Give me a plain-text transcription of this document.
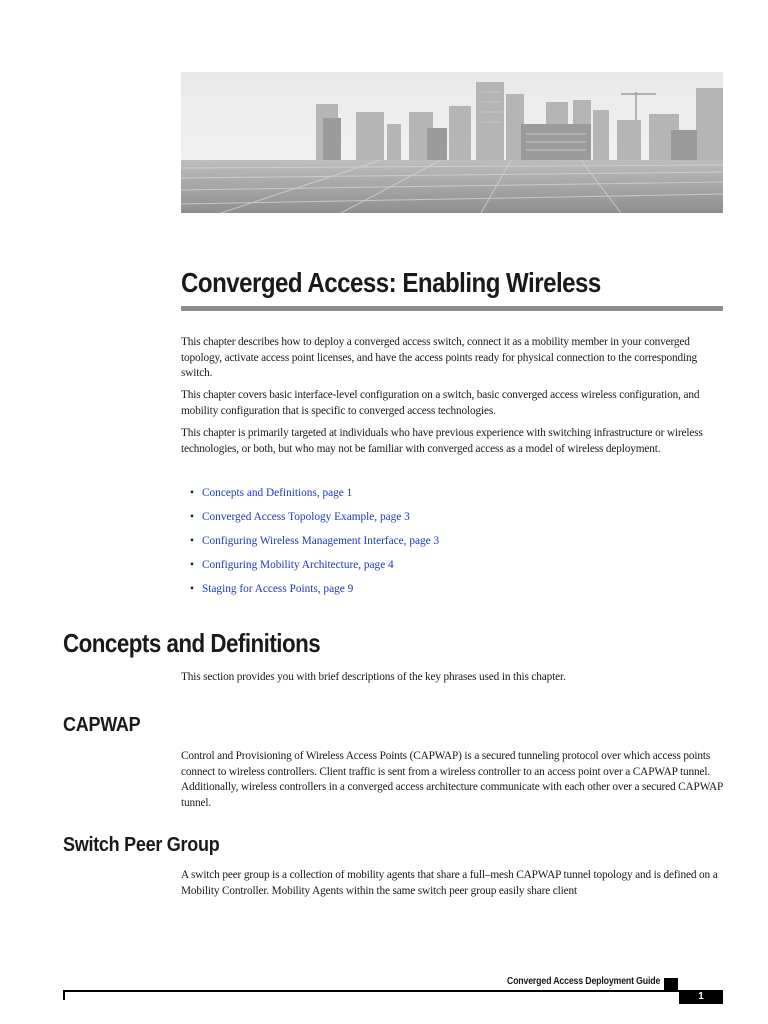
Converged Access: Enabling Wireless

This chapter describes how to deploy a converged access switch, connect it as a mobility member in your converged topology, activate access point licenses, and have the access points ready for physical connection to the corresponding switch.

This chapter covers basic interface-level configuration on a switch, basic converged access wireless configuration, and mobility configuration that is specific to converged access technologies.

This chapter is primarily targeted at individuals who have previous experience with switching infrastructure or wireless technologies, or both, but who may not be familiar with converged access as a model of wireless deployment.

• Concepts and Definitions, page 1
• Converged Access Topology Example, page 3
• Configuring Wireless Management Interface, page 3
• Configuring Mobility Architecture, page 4
• Staging for Access Points, page 9
Concepts and Definitions

This section provides you with brief descriptions of the key phrases used in this chapter.

CAPWAP

Control and Provisioning of Wireless Access Points (CAPWAP) is a secured tunneling protocol over which access points connect to wireless controllers. Client traffic is sent from a wireless controller to an access point over a CAPWAP tunnel. Additionally, wireless controllers in a converged access architecture communicate with each other over a secured CAPWAP tunnel.

Switch Peer Group

A switch peer group is a collection of mobility agents that share a full–mesh CAPWAP tunnel topology and is defined on a Mobility Controller. Mobility Agents within the same switch peer group easily share client

Converged Access Deployment Guide
1
